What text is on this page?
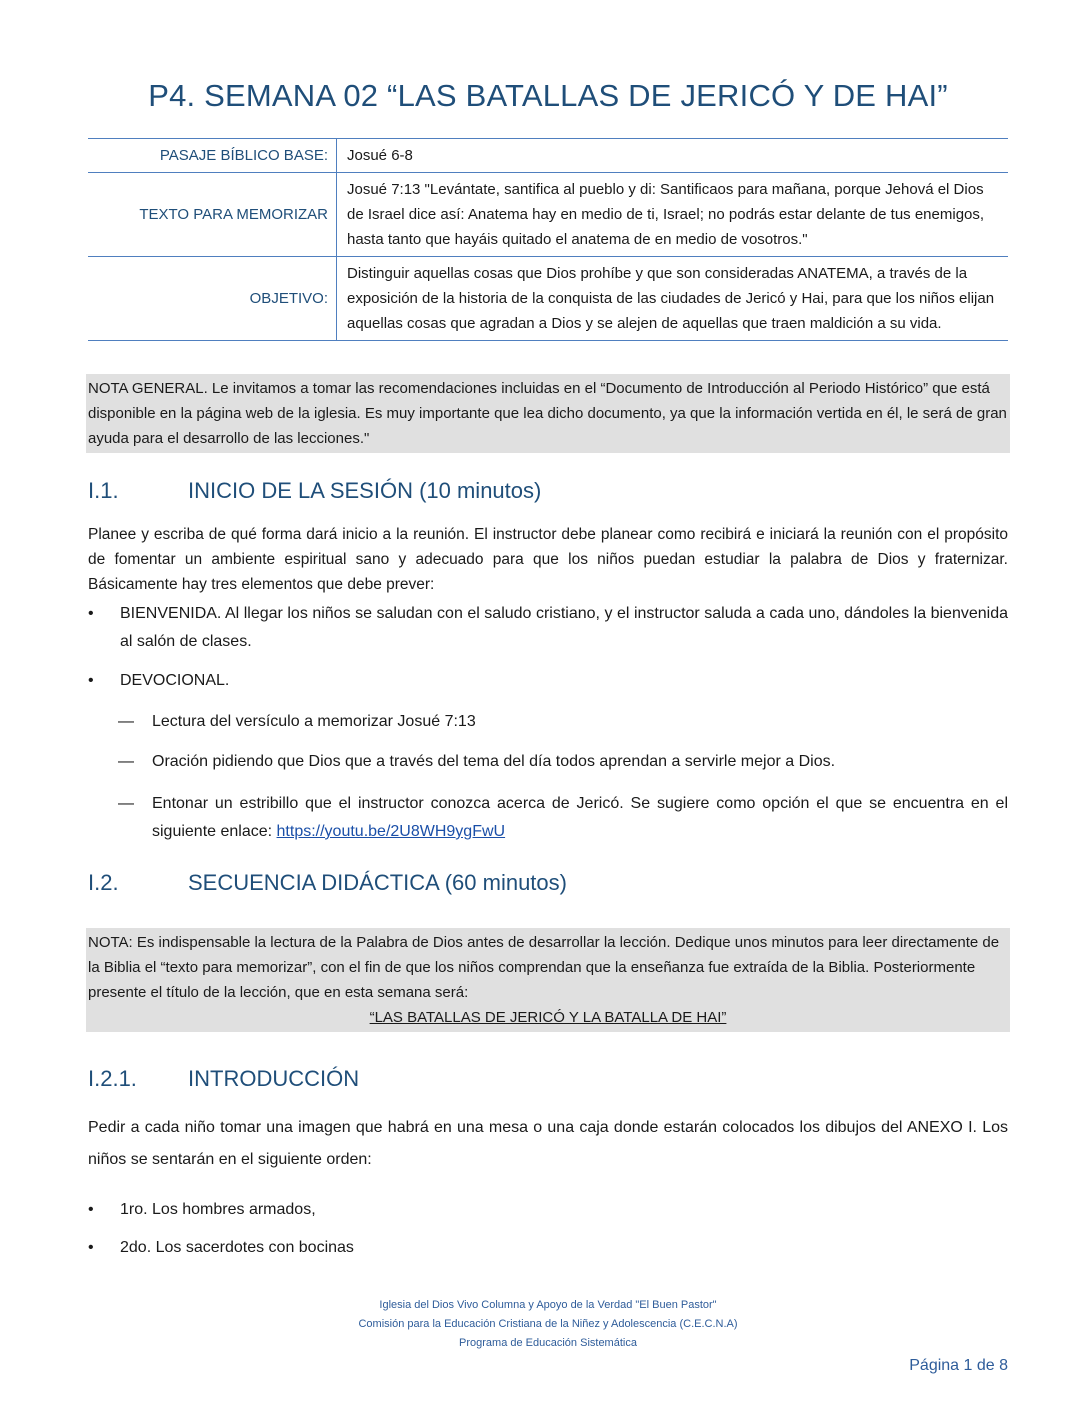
P4. SEMANA 02 “LAS BATALLAS DE JERICÓ Y DE HAI”
PASAJE BÍBLICO BASE:	Josué 6-8
TEXTO PARA MEMORIZAR	Josué 7:13 "Levántate, santifica al pueblo y di: Santificaos para mañana, porque Jehová el Dios de Israel dice así: Anatema hay en medio de ti, Israel; no podrás estar delante de tus enemigos, hasta tanto que hayáis quitado el anatema de en medio de vosotros."
OBJETIVO:	Distinguir aquellas cosas que Dios prohíbe y que son consideradas ANATEMA, a través de la exposición de la historia de la conquista de las ciudades de Jericó y Hai, para que los niños elijan aquellas cosas que agradan a Dios y se alejen de aquellas que traen maldición a su vida.
NOTA GENERAL. Le invitamos a tomar las recomendaciones incluidas en el “Documento de Introducción al Periodo Histórico” que está disponible en la página web de la iglesia. Es muy importante que lea dicho documento, ya que la información vertida en él, le será de gran ayuda para el desarrollo de las lecciones."
I.1.	INICIO DE LA SESIÓN (10 minutos)

Planee y escriba de qué forma dará inicio a la reunión. El instructor debe planear como recibirá e iniciará la reunión con el propósito de fomentar un ambiente espiritual sano y adecuado para que los niños puedan estudiar la palabra de Dios y fraternizar. Básicamente hay tres elementos que debe prever:

•	BIENVENIDA. Al llegar los niños se saludan con el saludo cristiano, y el instructor saluda a cada uno, dándoles la bienvenida al salón de clases.
•	DEVOCIONAL.
— Lectura del versículo a memorizar Josué 7:13
— Oración pidiendo que Dios que a través del tema del día todos aprendan a servirle mejor a Dios.
— Entonar un estribillo que el instructor conozca acerca de Jericó. Se sugiere como opción el que se encuentra en el siguiente enlace: https://youtu.be/2U8WH9ygFwU
I.2.	SECUENCIA DIDÁCTICA (60 minutos)
NOTA: Es indispensable la lectura de la Palabra de Dios antes de desarrollar la lección. Dedique unos minutos para leer directamente de la Biblia el “texto para memorizar”, con el fin de que los niños comprendan que la enseñanza fue extraída de la Biblia. Posteriormente presente el título de la lección, que en esta semana será:
“LAS BATALLAS DE JERICÓ Y LA BATALLA DE HAI”
I.2.1. INTRODUCCIÓN

Pedir a cada niño tomar una imagen que habrá en una mesa o una caja donde estarán colocados los dibujos del ANEXO I. Los niños se sentarán en el siguiente orden:

•	1ro. Los hombres armados,
•	2do. Los sacerdotes con bocinas
Iglesia del Dios Vivo Columna y Apoyo de la Verdad "El Buen Pastor"
Comisión para la Educación Cristiana de la Niñez y Adolescencia (C.E.C.N.A)
Programa de Educación Sistemática
Página 1 de 8
